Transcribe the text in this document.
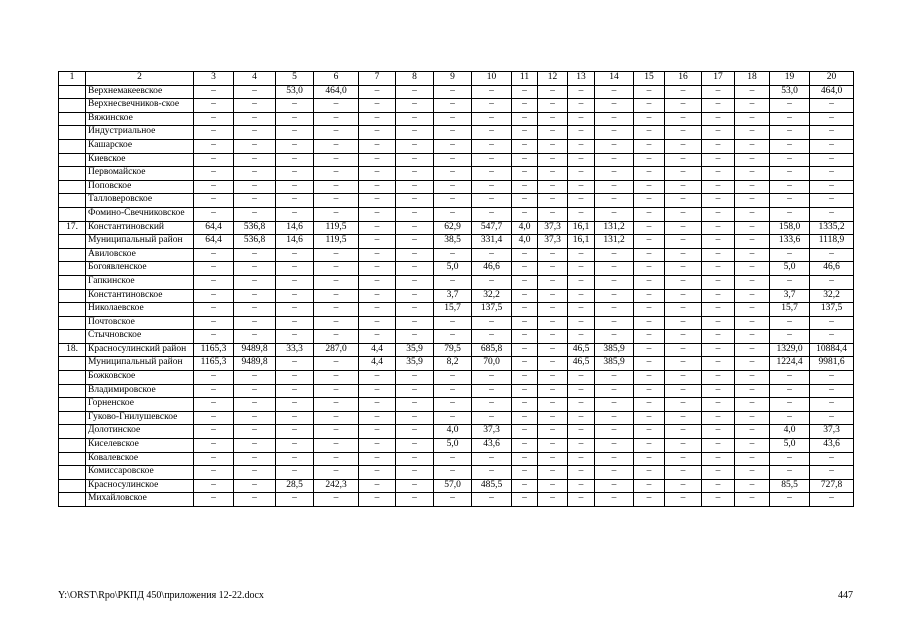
1	2	3	4	5	6	7	8	9	10	11	12	13	14	15	16	17	18	19	20
	Верхнемакеевское	–	–	53,0	464,0	–	–	–	–	–	–	–	–	–	–	–	–	53,0	464,0
	Верхнесвечников-ское	–	–	–	–	–	–	–	–	–	–	–	–	–	–	–	–	–	–
	Вяжинское	–	–	–	–	–	–	–	–	–	–	–	–	–	–	–	–	–	–
	Индустриальное	–	–	–	–	–	–	–	–	–	–	–	–	–	–	–	–	–	–
	Кашарское	–	–	–	–	–	–	–	–	–	–	–	–	–	–	–	–	–	–
	Киевское	–	–	–	–	–	–	–	–	–	–	–	–	–	–	–	–	–	–
	Первомайское	–	–	–	–	–	–	–	–	–	–	–	–	–	–	–	–	–	–
	Поповское	–	–	–	–	–	–	–	–	–	–	–	–	–	–	–	–	–	–
	Талловеровское	–	–	–	–	–	–	–	–	–	–	–	–	–	–	–	–	–	–
	Фомино-Свечниковское	–	–	–	–	–	–	–	–	–	–	–	–	–	–	–	–	–	–
17.	Константиновский	64,4	536,8	14,6	119,5	–	–	62,9	547,7	4,0	37,3	16,1	131,2	–	–	–	–	158,0	1335,2
	Муниципальный район	64,4	536,8	14,6	119,5	–	–	38,5	331,4	4,0	37,3	16,1	131,2	–	–	–	–	133,6	1118,9
	Авиловское	–	–	–	–	–	–	–	–	–	–	–	–	–	–	–	–	–	–
	Богоявленское	–	–	–	–	–	–	5,0	46,6	–	–	–	–	–	–	–	–	5,0	46,6
	Гапкинское	–	–	–	–	–	–	–	–	–	–	–	–	–	–	–	–	–	–
	Константиновское	–	–	–	–	–	–	3,7	32,2	–	–	–	–	–	–	–	–	3,7	32,2
	Николаевское	–	–	–	–	–	–	15,7	137,5	–	–	–	–	–	–	–	–	15,7	137,5
	Почтовское	–	–	–	–	–	–	–	–	–	–	–	–	–	–	–	–	–	–
	Стычновское	–	–	–	–	–	–	–	–	–	–	–	–	–	–	–	–	–	–
18.	Красносулинский район	1165,3	9489,8	33,3	287,0	4,4	35,9	79,5	685,8	–	–	46,5	385,9	–	–	–	–	1329,0	10884,4
	Муниципальный район	1165,3	9489,8	–	–	4,4	35,9	8,2	70,0	–	–	46,5	385,9	–	–	–	–	1224,4	9981,6
	Божковское	–	–	–	–	–	–	–	–	–	–	–	–	–	–	–	–	–	–
	Владимировское	–	–	–	–	–	–	–	–	–	–	–	–	–	–	–	–	–	–
	Горненское	–	–	–	–	–	–	–	–	–	–	–	–	–	–	–	–	–	–
	Гуково-Гнилушевское	–	–	–	–	–	–	–	–	–	–	–	–	–	–	–	–	–	–
	Долотинское	–	–	–	–	–	–	4,0	37,3	–	–	–	–	–	–	–	–	4,0	37,3
	Киселевское	–	–	–	–	–	–	5,0	43,6	–	–	–	–	–	–	–	–	5,0	43,6
	Ковалевское	–	–	–	–	–	–	–	–	–	–	–	–	–	–	–	–	–	–
	Комиссаровское	–	–	–	–	–	–	–	–	–	–	–	–	–	–	–	–	–	–
	Красносулинское	–	–	28,5	242,3	–	–	57,0	485,5	–	–	–	–	–	–	–	–	85,5	727,8
	Михайловское	–	–	–	–	–	–	–	–	–	–	–	–	–	–	–	–	–	–
Y:\ORST\Rpo\РКПД 450\приложения 12-22.docx	447
